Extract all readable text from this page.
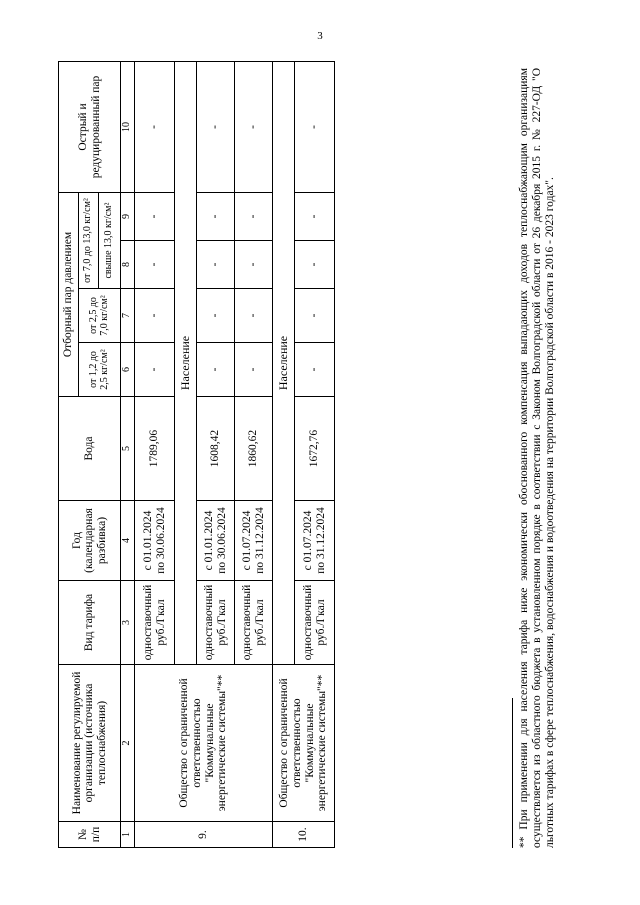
3
№ п/п	Наименование регулируемой организации (источника теплоснабжения)	Вид тарифа	Год (календарная разбивка)	Вода	Отборный пар давлением				Острый и редуцированный пар
					от 1,2 до 2,5 кг/см²	от 2,5 до 7,0 кг/см²	от 7,0 до 13,0 кг/см²		
							свыше 13,0 кг/см²		
1	2	3	4	5	6	7	8	9	10
9.	Общество с ограниченной ответственностью "Коммунальные энергетические системы"**	одноставочный руб./Гкал	с 01.01.2024 по 30.06.2024	1789,06	-	-	-	-	-
		Население							
		одноставочный руб./Гкал	с 01.01.2024 по 30.06.2024	1608,42	-	-	-	-	-
		одноставочный руб./Гкал	с 01.07.2024 по 31.12.2024	1860,62	-	-	-	-	-
10.	Общество с ограниченной ответственностью "Коммунальные энергетические системы"**	Население							
		одноставочный руб./Гкал	с 01.07.2024 по 31.12.2024	1672,76	-	-	-	-	-	** При применении для населения тарифа ниже экономически обоснованного компенсация выпадающих доходов теплоснабжающим организациям осуществляется из областного бюджета в установленном порядке в соответствии с Законом Волгоградской области от 26 декабря 2015 г. № 227-ОД "О льготных тарифах в сфере теплоснабжения, водоснабжения и водоотведения на территории Волгоградской области в 2016 - 2023 годах".
